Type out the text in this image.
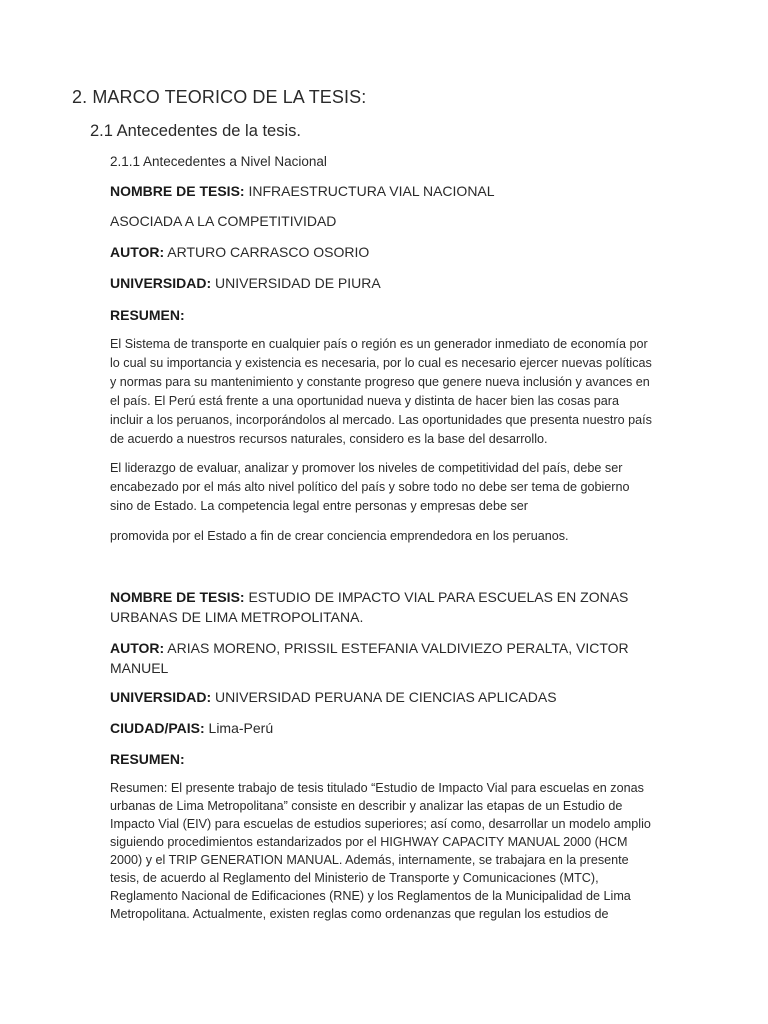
2. MARCO TEORICO DE LA TESIS:
2.1 Antecedentes de la tesis.
2.1.1 Antecedentes a Nivel Nacional
NOMBRE DE TESIS: INFRAESTRUCTURA VIAL NACIONAL
ASOCIADA A LA COMPETITIVIDAD
AUTOR: ARTURO CARRASCO OSORIO
UNIVERSIDAD: UNIVERSIDAD DE PIURA
RESUMEN:
El Sistema de transporte en cualquier país o región es un generador inmediato de economía por
lo cual su importancia y existencia es necesaria, por lo cual es necesario ejercer nuevas políticas
y normas para su mantenimiento y constante progreso que genere nueva inclusión y avances en
el país. El Perú está frente a una oportunidad nueva y distinta de hacer bien las cosas para
incluir a los peruanos, incorporándolos al mercado. Las oportunidades que presenta nuestro país
de acuerdo a nuestros recursos naturales, considero es la base del desarrollo.
El liderazgo de evaluar, analizar y promover los niveles de competitividad del país, debe ser
encabezado por el más alto nivel político del país y sobre todo no debe ser tema de gobierno
sino de Estado. La competencia legal entre personas y empresas debe ser
promovida por el Estado a fin de crear conciencia emprendedora en los peruanos.
NOMBRE DE TESIS: ESTUDIO DE IMPACTO VIAL PARA ESCUELAS EN ZONAS
URBANAS DE LIMA METROPOLITANA.
AUTOR: ARIAS MORENO, PRISSIL ESTEFANIA VALDIVIEZO PERALTA, VICTOR
MANUEL
UNIVERSIDAD: UNIVERSIDAD PERUANA DE CIENCIAS APLICADAS
CIUDAD/PAIS: Lima-Perú
RESUMEN:
Resumen: El presente trabajo de tesis titulado “Estudio de Impacto Vial para escuelas en zonas
urbanas de Lima Metropolitana” consiste en describir y analizar las etapas de un Estudio de
Impacto Vial (EIV) para escuelas de estudios superiores; así como, desarrollar un modelo amplio
siguiendo procedimientos estandarizados por el HIGHWAY CAPACITY MANUAL 2000 (HCM
2000) y el TRIP GENERATION MANUAL. Además, internamente, se trabajara en la presente
tesis, de acuerdo al Reglamento del Ministerio de Transporte y Comunicaciones (MTC),
Reglamento Nacional de Edificaciones (RNE) y los Reglamentos de la Municipalidad de Lima
Metropolitana. Actualmente, existen reglas como ordenanzas que regulan los estudios de
